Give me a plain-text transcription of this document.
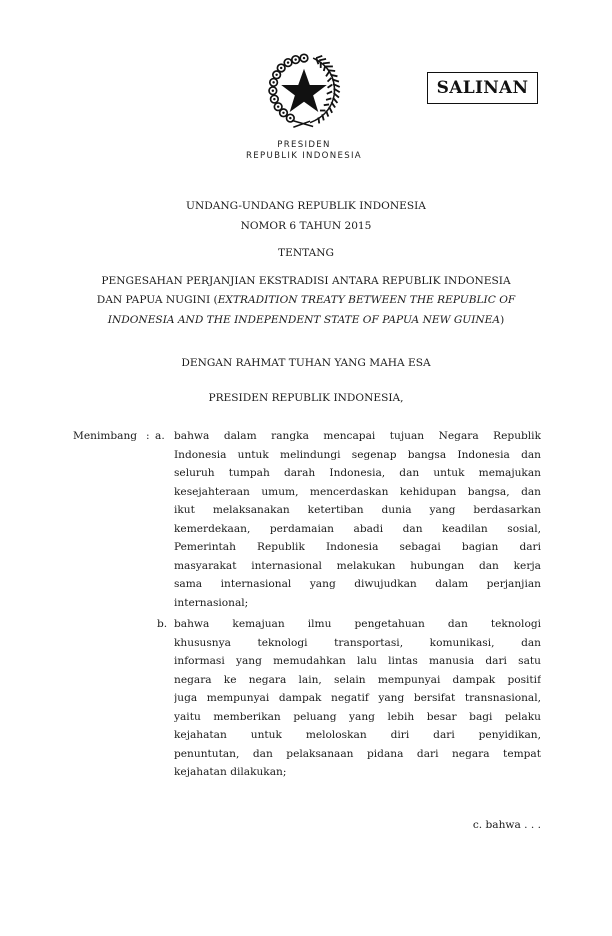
PRESIDEN
REPUBLIK INDONESIA
SALINAN
UNDANG-UNDANG REPUBLIK INDONESIA
NOMOR 6 TAHUN 2015
TENTANG
PENGESAHAN PERJANJIAN EKSTRADISI ANTARA REPUBLIK INDONESIA
DAN PAPUA NUGINI (EXTRADITION TREATY BETWEEN THE REPUBLIC OF
INDONESIA AND THE INDEPENDENT STATE OF PAPUA NEW GUINEA)
DENGAN RAHMAT TUHAN YANG MAHA ESA
PRESIDEN REPUBLIK INDONESIA,
Menimbang : a. bahwa dalam rangka mencapai tujuan Negara Republik
Indonesia untuk melindungi segenap bangsa Indonesia dan
seluruh tumpah darah Indonesia, dan untuk memajukan
kesejahteraan umum, mencerdaskan kehidupan bangsa, dan
ikut melaksanakan ketertiban dunia yang berdasarkan
kemerdekaan, perdamaian abadi dan keadilan sosial,
Pemerintah Republik Indonesia sebagai bagian dari
masyarakat internasional melakukan hubungan dan kerja
sama internasional yang diwujudkan dalam perjanjian
internasional;
b. bahwa kemajuan ilmu pengetahuan dan teknologi
khususnya teknologi transportasi, komunikasi, dan
informasi yang memudahkan lalu lintas manusia dari satu
negara ke negara lain, selain mempunyai dampak positif
juga mempunyai dampak negatif yang bersifat transnasional,
yaitu memberikan peluang yang lebih besar bagi pelaku
kejahatan untuk meloloskan diri dari penyidikan,
penuntutan, dan pelaksanaan pidana dari negara tempat
kejahatan dilakukan;
c. bahwa . . .
